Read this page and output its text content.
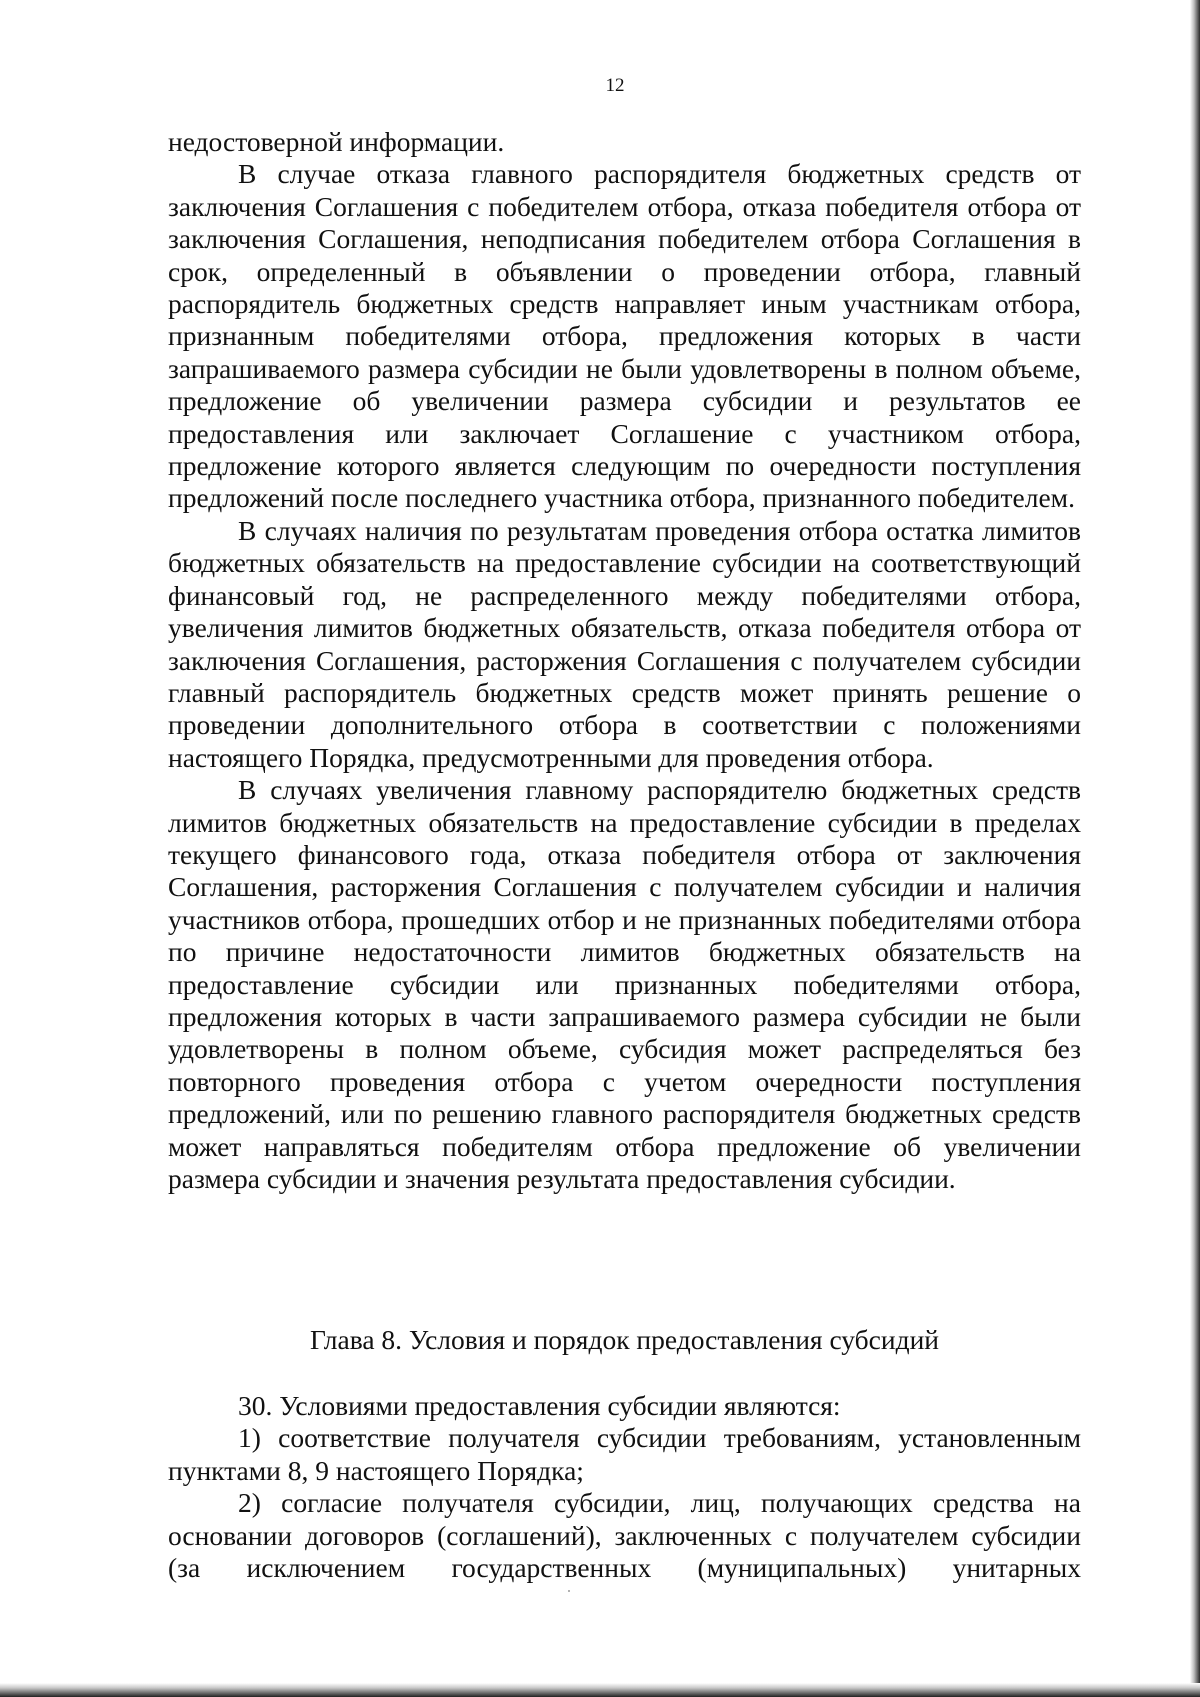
12

недостоверной информации.

В случае отказа главного распорядителя бюджетных средств от заключения Соглашения с победителем отбора, отказа победителя отбора от заключения Соглашения, неподписания победителем отбора Соглашения в срок, определенный в объявлении о проведении отбора, главный распорядитель бюджетных средств направляет иным участникам отбора, признанным победителями отбора, предложения которых в части запрашиваемого размера субсидии не были удовлетворены в полном объеме, предложение об увеличении размера субсидии и результатов ее предоставления или заключает Соглашение с участником отбора, предложение которого является следующим по очередности поступления предложений после последнего участника отбора, признанного победителем.

В случаях наличия по результатам проведения отбора остатка лимитов бюджетных обязательств на предоставление субсидии на соответствующий финансовый год, не распределенного между победителями отбора, увеличения лимитов бюджетных обязательств, отказа победителя отбора от заключения Соглашения, расторжения Соглашения с получателем субсидии главный распорядитель бюджетных средств может принять решение о проведении дополнительного отбора в соответствии с положениями настоящего Порядка, предусмотренными для проведения отбора.

В случаях увеличения главному распорядителю бюджетных средств лимитов бюджетных обязательств на предоставление субсидии в пределах текущего финансового года, отказа победителя отбора от заключения Соглашения, расторжения Соглашения с получателем субсидии и наличия участников отбора, прошедших отбор и не признанных победителями отбора по причине недостаточности лимитов бюджетных обязательств на предоставление субсидии или признанных победителями отбора, предложения которых в части запрашиваемого размера субсидии не были удовлетворены в полном объеме, субсидия может распределяться без повторного проведения отбора с учетом очередности поступления предложений, или по решению главного распорядителя бюджетных средств может направляться победителям отбора предложение об увеличении размера субсидии и значения результата предоставления субсидии.

Глава 8. Условия и порядок предоставления субсидий

30. Условиями предоставления субсидии являются:

1) соответствие получателя субсидии требованиям, установленным пунктами 8, 9 настоящего Порядка;

2) согласие получателя субсидии, лиц, получающих средства на основании договоров (соглашений), заключенных с получателем субсидии (за исключением государственных (муниципальных) унитарных
